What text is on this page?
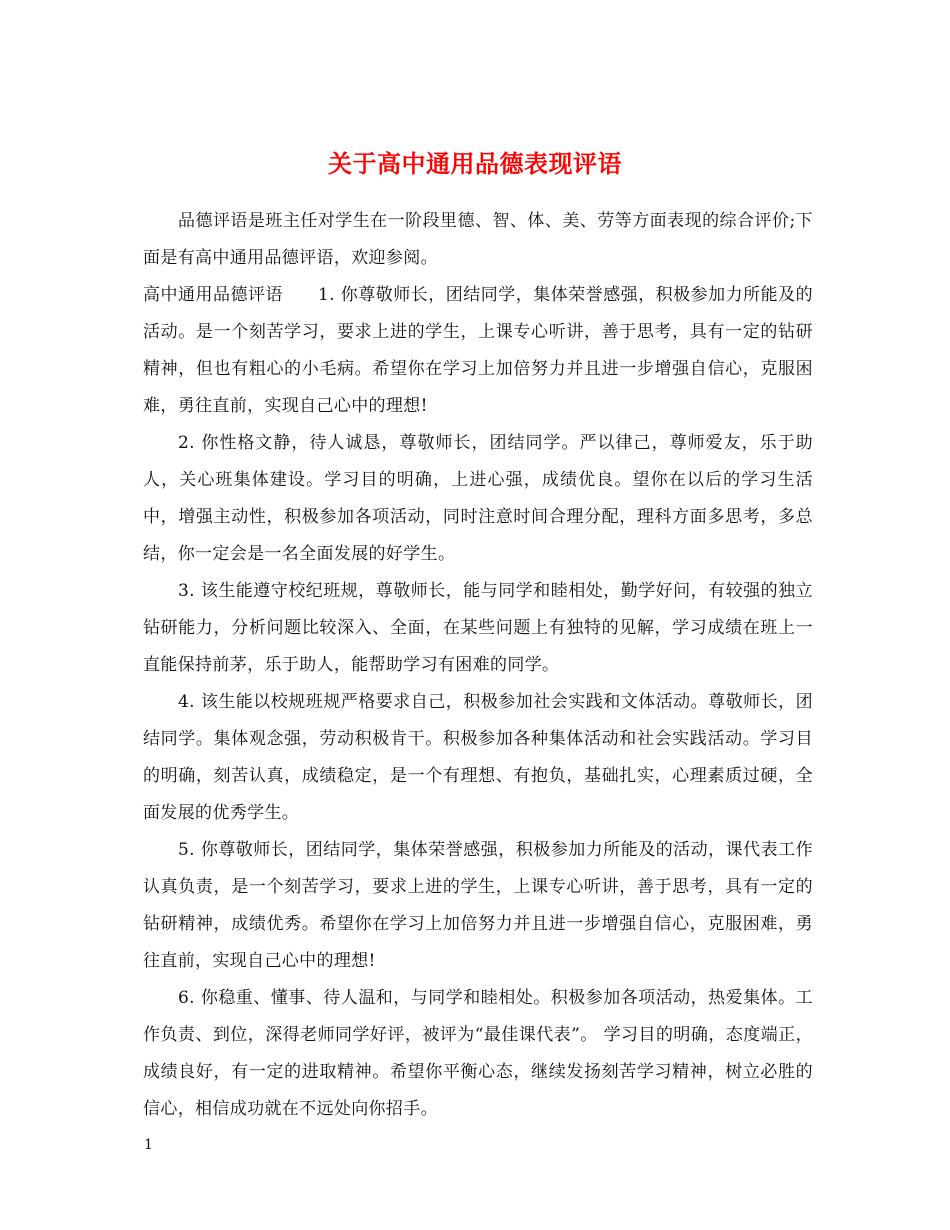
关于高中通用品德表现评语

品德评语是班主任对学生在一阶段里德、智、体、美、劳等方面表现的综合评价;下面是有高中通用品德评语，欢迎参阅。

高中通用品德评语　　1. 你尊敬师长，团结同学，集体荣誉感强，积极参加力所能及的活动。是一个刻苦学习，要求上进的学生，上课专心听讲，善于思考，具有一定的钻研精神，但也有粗心的小毛病。希望你在学习上加倍努力并且进一步增强自信心，克服困难，勇往直前，实现自己心中的理想!

2. 你性格文静，待人诚恳，尊敬师长，团结同学。严以律己，尊师爱友，乐于助人，关心班集体建设。学习目的明确，上进心强，成绩优良。望你在以后的学习生活中，增强主动性，积极参加各项活动，同时注意时间合理分配，理科方面多思考，多总结，你一定会是一名全面发展的好学生。

3. 该生能遵守校纪班规，尊敬师长，能与同学和睦相处，勤学好问，有较强的独立钻研能力，分析问题比较深入、全面，在某些问题上有独特的见解，学习成绩在班上一直能保持前茅，乐于助人，能帮助学习有困难的同学。

4. 该生能以校规班规严格要求自己，积极参加社会实践和文体活动。尊敬师长，团结同学。集体观念强，劳动积极肯干。积极参加各种集体活动和社会实践活动。学习目的明确，刻苦认真，成绩稳定，是一个有理想、有抱负，基础扎实，心理素质过硬，全面发展的优秀学生。

5. 你尊敬师长，团结同学，集体荣誉感强，积极参加力所能及的活动，课代表工作认真负责，是一个刻苦学习，要求上进的学生，上课专心听讲，善于思考，具有一定的钻研精神，成绩优秀。希望你在学习上加倍努力并且进一步增强自信心，克服困难，勇往直前，实现自己心中的理想!

6. 你稳重、懂事、待人温和，与同学和睦相处。积极参加各项活动，热爱集体。工作负责、到位，深得老师同学好评，被评为“最佳课代表”。 学习目的明确，态度端正，成绩良好，有一定的进取精神。希望你平衡心态，继续发扬刻苦学习精神，树立必胜的信心，相信成功就在不远处向你招手。

1
